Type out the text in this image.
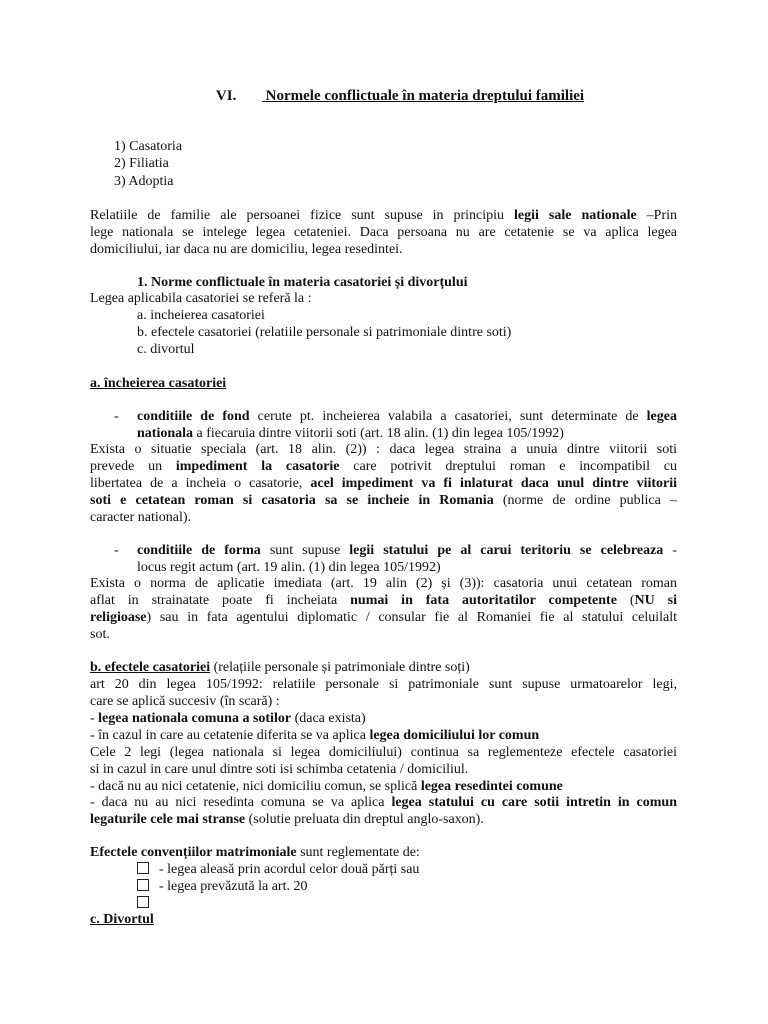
VI. Normele conflictuale în materia dreptului familiei
1) Casatoria
2) Filiatia
3) Adoptia
Relatiile de familie ale persoanei fizice sunt supuse in principiu legii sale nationale –Prin
lege nationala se intelege legea cetateniei. Daca persoana nu are cetatenie se va aplica legea
domiciliului, iar daca nu are domiciliu, legea resedintei.
1. Norme conflictuale în materia casatoriei și divorțului
Legea aplicabila casatoriei se referă la :
a. incheierea casatoriei
b. efectele casatoriei (relatiile personale si patrimoniale dintre soti)
c. divortul
a. încheierea casatoriei
- conditiile de fond cerute pt. incheierea valabila a casatoriei, sunt determinate de legea
nationala a fiecaruia dintre viitorii soti (art. 18 alin. (1) din legea 105/1992)
Exista o situatie speciala (art. 18 alin. (2)) : daca legea straina a unuia dintre viitorii soti
prevede un impediment la casatorie care potrivit dreptului roman e incompatibil cu
libertatea de a incheia o casatorie, acel impediment va fi inlaturat daca unul dintre viitorii
soti e cetatean roman si casatoria sa se incheie in Romania (norme de ordine publica –
caracter national).
- conditiile de forma sunt supuse legii statului pe al carui teritoriu se celebreaza -
locus regit actum (art. 19 alin. (1) din legea 105/1992)
Exista o norma de aplicatie imediata (art. 19 alin (2) și (3)): casatoria unui cetatean roman
aflat in strainatate poate fi incheiata numai in fata autoritatilor competente (NU si
religioase) sau in fata agentului diplomatic / consular fie al Romaniei fie al statului celuilalt
sot.
b. efectele casatoriei (relațiile personale și patrimoniale dintre soți)
art 20 din legea 105/1992: relatiile personale si patrimoniale sunt supuse urmatoarelor legi,
care se aplică succesiv (în scară) :
- legea nationala comuna a sotilor (daca exista)
- în cazul in care au cetatenie diferita se va aplica legea domiciliului lor comun
Cele 2 legi (legea nationala si legea domiciliului) continua sa reglementeze efectele casatoriei
si in cazul in care unul dintre soti isi schimba cetatenia / domiciliul.
- dacă nu au nici cetatenie, nici domiciliu comun, se splică legea resedintei comune
- daca nu au nici resedinta comuna se va aplica legea statului cu care sotii intretin in comun
legaturile cele mai stranse (solutie preluata din dreptul anglo-saxon).
Efectele convențiilor matrimoniale sunt reglementate de:
- legea aleasă prin acordul celor două părți sau
- legea prevăzută la art. 20
c. Divortul
